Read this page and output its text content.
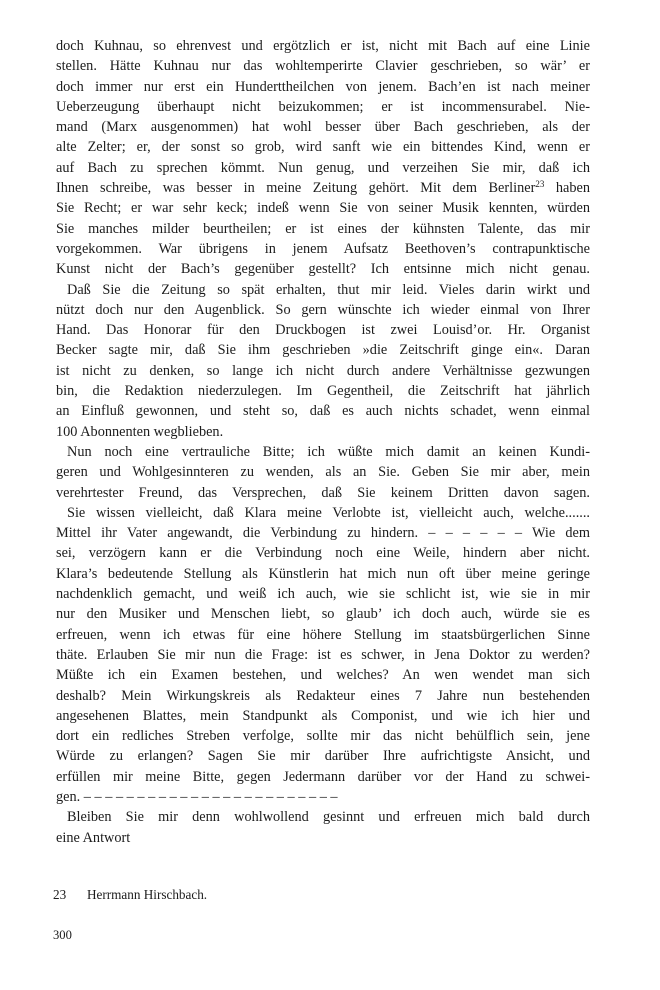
doch Kuhnau, so ehrenvest und ergötzlich er ist, nicht mit Bach auf eine Linie
stellen. Hätte Kuhnau nur das wohltemperirte Clavier geschrieben, so wär’ er
doch immer nur erst ein Hunderttheilchen von jenem. Bach’en ist nach meiner
Ueberzeugung überhaupt nicht beizukommen; er ist incommensurabel. Nie-
mand (Marx ausgenommen) hat wohl besser über Bach geschrieben, als der
alte Zelter; er, der sonst so grob, wird sanft wie ein bittendes Kind, wenn er
auf Bach zu sprechen kömmt. Nun genug, und verzeihen Sie mir, daß ich
Ihnen schreibe, was besser in meine Zeitung gehört. Mit dem Berliner$^{23}$ haben
Sie Recht; er war sehr keck; indeß wenn Sie von seiner Musik kennten, würden
Sie manches milder beurtheilen; er ist eines der kühnsten Talente, das mir
vorgekommen. War übrigens in jenem Aufsatz Beethoven’s contrapunktische
Kunst nicht der Bach’s gegenüber gestellt? Ich entsinne mich nicht genau.
Daß Sie die Zeitung so spät erhalten, thut mir leid. Vieles darin wirkt und
nützt doch nur den Augenblick. So gern wünschte ich wieder einmal von Ihrer
Hand. Das Honorar für den Druckbogen ist zwei Louisd’or. Hr. Organist
Becker sagte mir, daß Sie ihm geschrieben »die Zeitschrift ginge ein«. Daran
ist nicht zu denken, so lange ich nicht durch andere Verhältnisse gezwungen
bin, die Redaktion niederzulegen. Im Gegentheil, die Zeitschrift hat jährlich
an Einfluß gewonnen, und steht so, daß es auch nichts schadet, wenn einmal
100 Abonnenten wegblieben.
Nun noch eine vertrauliche Bitte; ich wüßte mich damit an keinen Kundi-
geren und Wohlgesinnteren zu wenden, als an Sie. Geben Sie mir aber, mein
verehrtester Freund, das Versprechen, daß Sie keinem Dritten davon sagen.
Sie wissen vielleicht, daß Klara meine Verlobte ist, vielleicht auch, welche.......
Mittel ihr Vater angewandt, die Verbindung zu hindern. – – – – – – Wie dem
sei, verzögern kann er die Verbindung noch eine Weile, hindern aber nicht.
Klara’s bedeutende Stellung als Künstlerin hat mich nun oft über meine geringe
nachdenklich gemacht, und weiß ich auch, wie sie schlicht ist, wie sie in mir
nur den Musiker und Menschen liebt, so glaub’ ich doch auch, würde sie es
erfreuen, wenn ich etwas für eine höhere Stellung im staatsbürgerlichen Sinne
thäte. Erlauben Sie mir nun die Frage: ist es schwer, in Jena Doktor zu werden?
Müßte ich ein Examen bestehen, und welches? An wen wendet man sich
deshalb? Mein Wirkungskreis als Redakteur eines 7 Jahre nun bestehenden
angesehenen Blattes, mein Standpunkt als Componist, und wie ich hier und
dort ein redliches Streben verfolge, sollte mir das nicht behülflich sein, jene
Würde zu erlangen? Sagen Sie mir darüber Ihre aufrichtigste Ansicht, und
erfüllen mir meine Bitte, gegen Jedermann darüber vor der Hand zu schwei-
gen. – – – – – – – – – – – – – – – – – – – – – – – –
Bleiben Sie mir denn wohlwollend gesinnt und erfreuen mich bald durch
eine Antwort
23 Herrmann Hirschbach.
300
